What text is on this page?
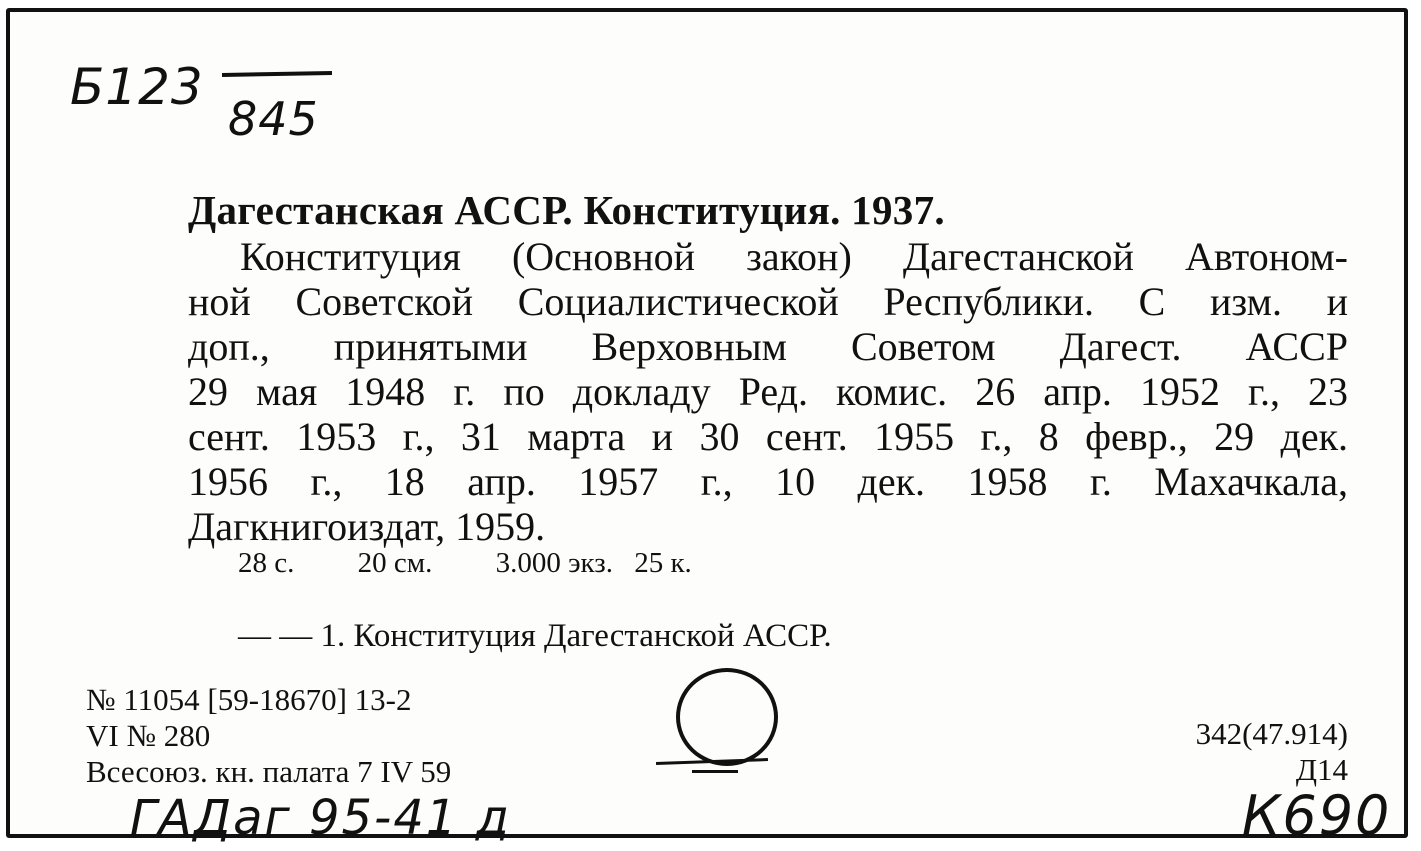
Б123
845
Дагестанская АССР. Конституция. 1937.
Конституция (Основной закон) Дагестанской Автоном-
ной Советской Социалистической Республики. С изм. и
доп., принятыми Верховным Советом Дагест. АССР
29 мая 1948 г. по докладу Ред. комис. 26 апр. 1952 г., 23
сент. 1953 г., 31 марта и 30 сент. 1955 г., 8 февр., 29 дек.
1956 г., 18 апр. 1957 г., 10 дек. 1958 г. Махачкала,
Дагкнигоиздат, 1959.
28 с. 20 см. 3.000 экз. 25 к.
— — 1. Конституция Дагестанской АССР.
№ 11054 [59-18670] 13-2
VI № 280
Всесоюз. кн. палата 7 IV 59
342(47.914)
Д14
ГАДаг 95-41 д	К690
